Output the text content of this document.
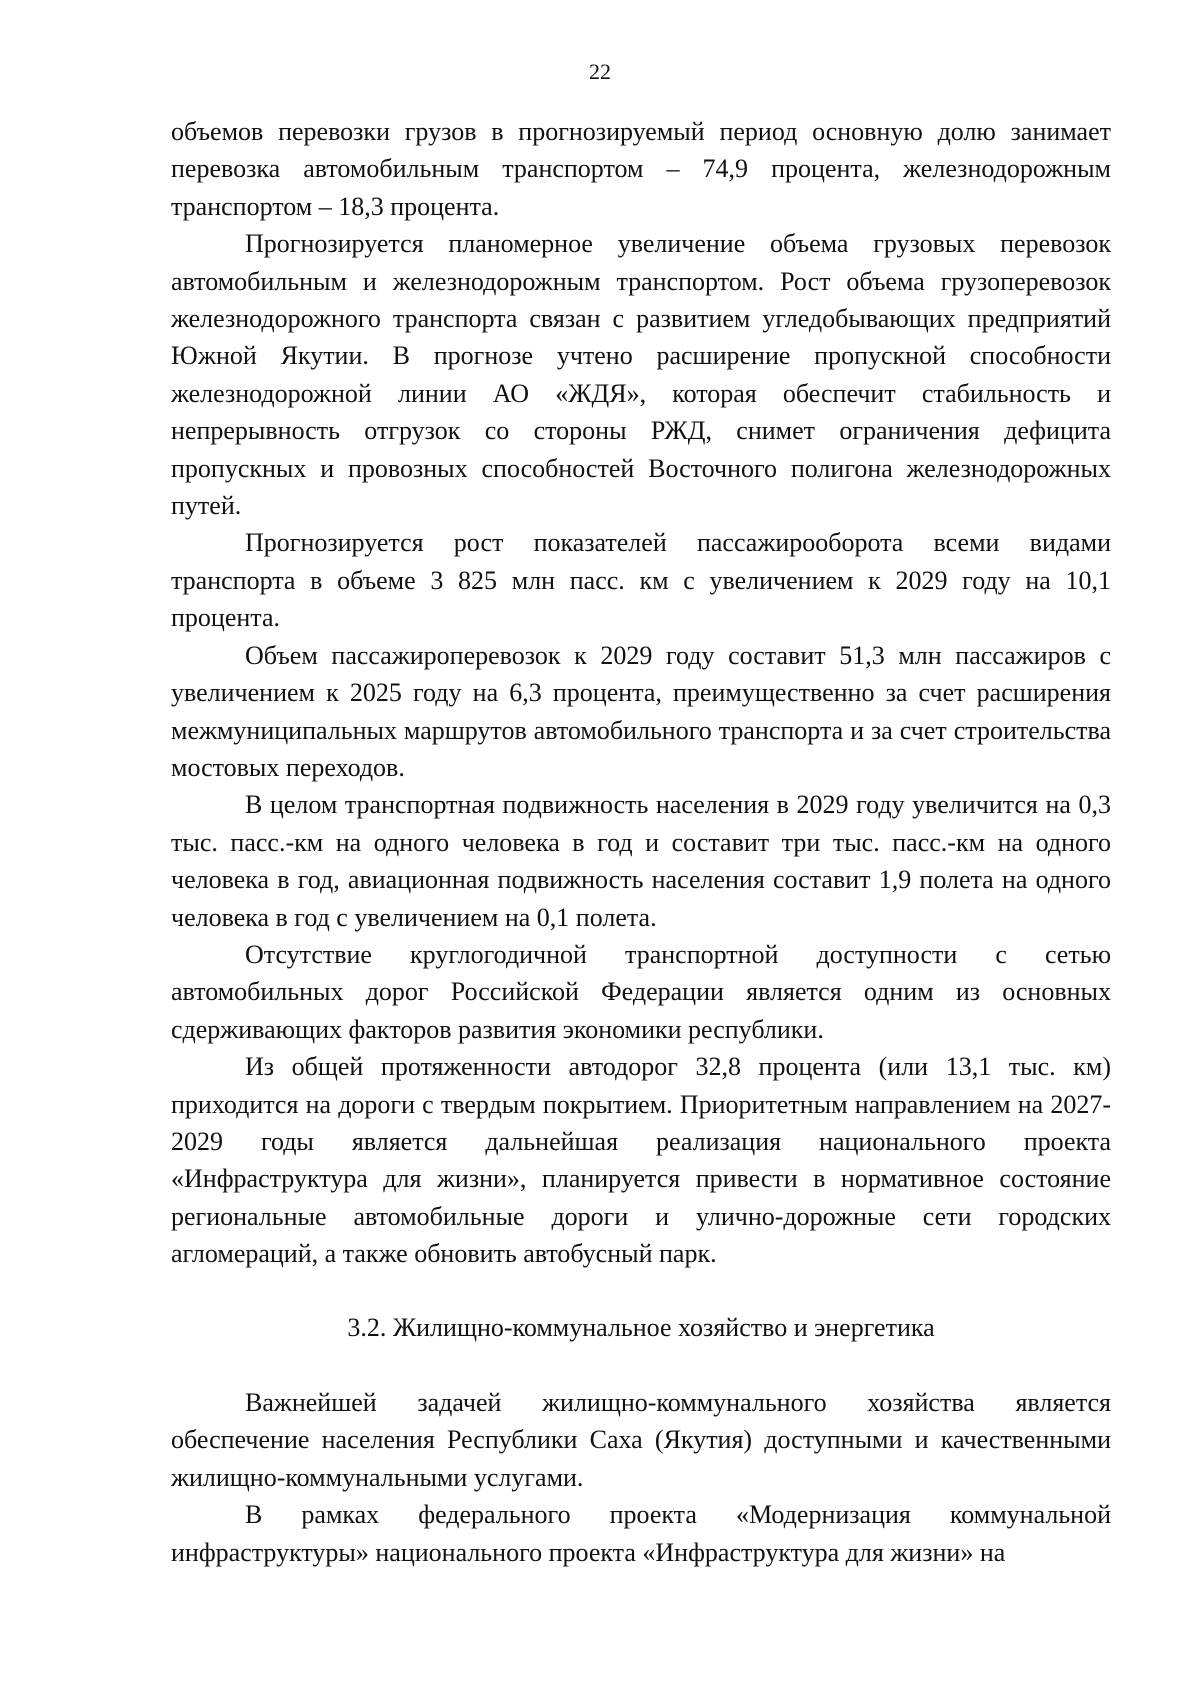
22

объемов перевозки грузов в прогнозируемый период основную долю занимает перевозка автомобильным транспортом – 74,9 процента, железнодорожным транспортом – 18,3 процента.

Прогнозируется планомерное увеличение объема грузовых перевозок автомобильным и железнодорожным транспортом. Рост объема грузоперевозок железнодорожного транспорта связан с развитием угледобывающих предприятий Южной Якутии. В прогнозе учтено расширение пропускной способности железнодорожной линии АО «ЖДЯ», которая обеспечит стабильность и непрерывность отгрузок со стороны РЖД, снимет ограничения дефицита пропускных и провозных способностей Восточного полигона железнодорожных путей.

Прогнозируется рост показателей пассажирооборота всеми видами транспорта в объеме 3 825 млн пасс. км с увеличением к 2029 году на 10,1 процента.

Объем пассажироперевозок к 2029 году составит 51,3 млн пассажиров с увеличением к 2025 году на 6,3 процента, преимущественно за счет расширения межмуниципальных маршрутов автомобильного транспорта и за счет строительства мостовых переходов.

В целом транспортная подвижность населения в 2029 году увеличится на 0,3 тыс. пасс.-км на одного человека в год и составит три тыс. пасс.-км на одного человека в год, авиационная подвижность населения составит 1,9 полета на одного человека в год с увеличением на 0,1 полета.

Отсутствие круглогодичной транспортной доступности с сетью автомобильных дорог Российской Федерации является одним из основных сдерживающих факторов развития экономики республики.

Из общей протяженности автодорог 32,8 процента (или 13,1 тыс. км) приходится на дороги с твердым покрытием. Приоритетным направлением на 2027-2029 годы является дальнейшая реализация национального проекта «Инфраструктура для жизни», планируется привести в нормативное состояние региональные автомобильные дороги и улично-дорожные сети городских агломераций, а также обновить автобусный парк.

3.2. Жилищно-коммунальное хозяйство и энергетика

Важнейшей задачей жилищно-коммунального хозяйства является обеспечение населения Республики Саха (Якутия) доступными и качественными жилищно-коммунальными услугами.

В рамках федерального проекта «Модернизация коммунальной инфраструктуры» национального проекта «Инфраструктура для жизни» на
